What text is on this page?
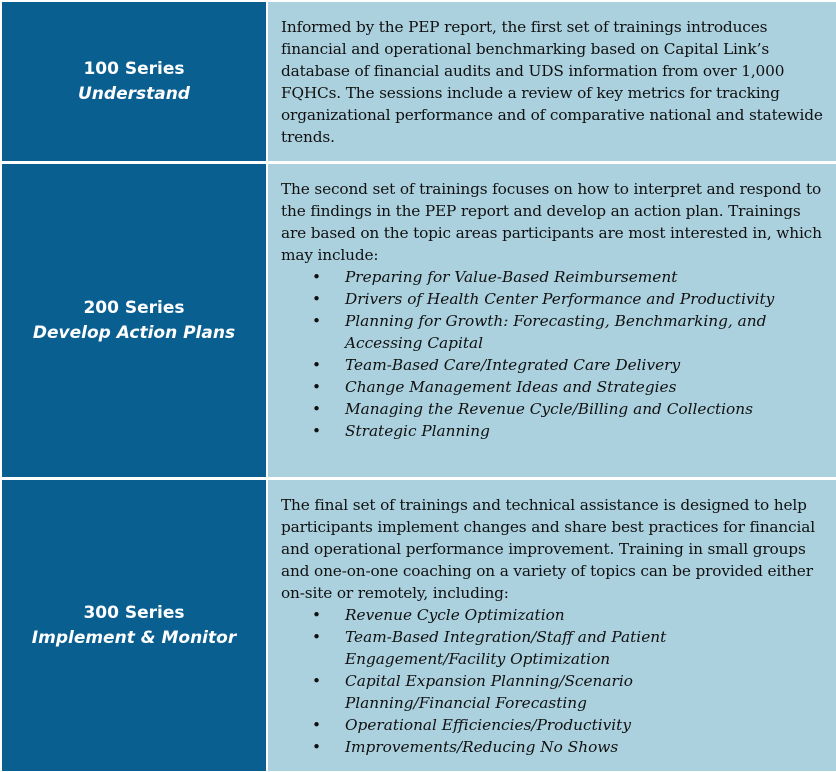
100 Series
Understand

Informed by the PEP report, the first set of trainings introduces financial and operational benchmarking based on Capital Link’s database of financial audits and UDS information from over 1,000 FQHCs. The sessions include a review of key metrics for tracking organizational performance and of comparative national and statewide trends.

200 Series
Develop Action Plans

The second set of trainings focuses on how to interpret and respond to the findings in the PEP report and develop an action plan. Trainings are based on the topic areas participants are most interested in, which may include:

• Preparing for Value-Based Reimbursement
• Drivers of Health Center Performance and Productivity
• Planning for Growth: Forecasting, Benchmarking, and Accessing Capital
• Team-Based Care/Integrated Care Delivery
• Change Management Ideas and Strategies
• Managing the Revenue Cycle/Billing and Collections
• Strategic Planning
300 Series
Implement & Monitor

The final set of trainings and technical assistance is designed to help participants implement changes and share best practices for financial and operational performance improvement. Training in small groups and one-on-one coaching on a variety of topics can be provided either on-site or remotely, including:

• Revenue Cycle Optimization
• Team-Based Integration/Staff and Patient Engagement/Facility Optimization
• Capital Expansion Planning/Scenario Planning/Financial Forecasting
• Operational Efficiencies/Productivity
• Improvements/Reducing No Shows
